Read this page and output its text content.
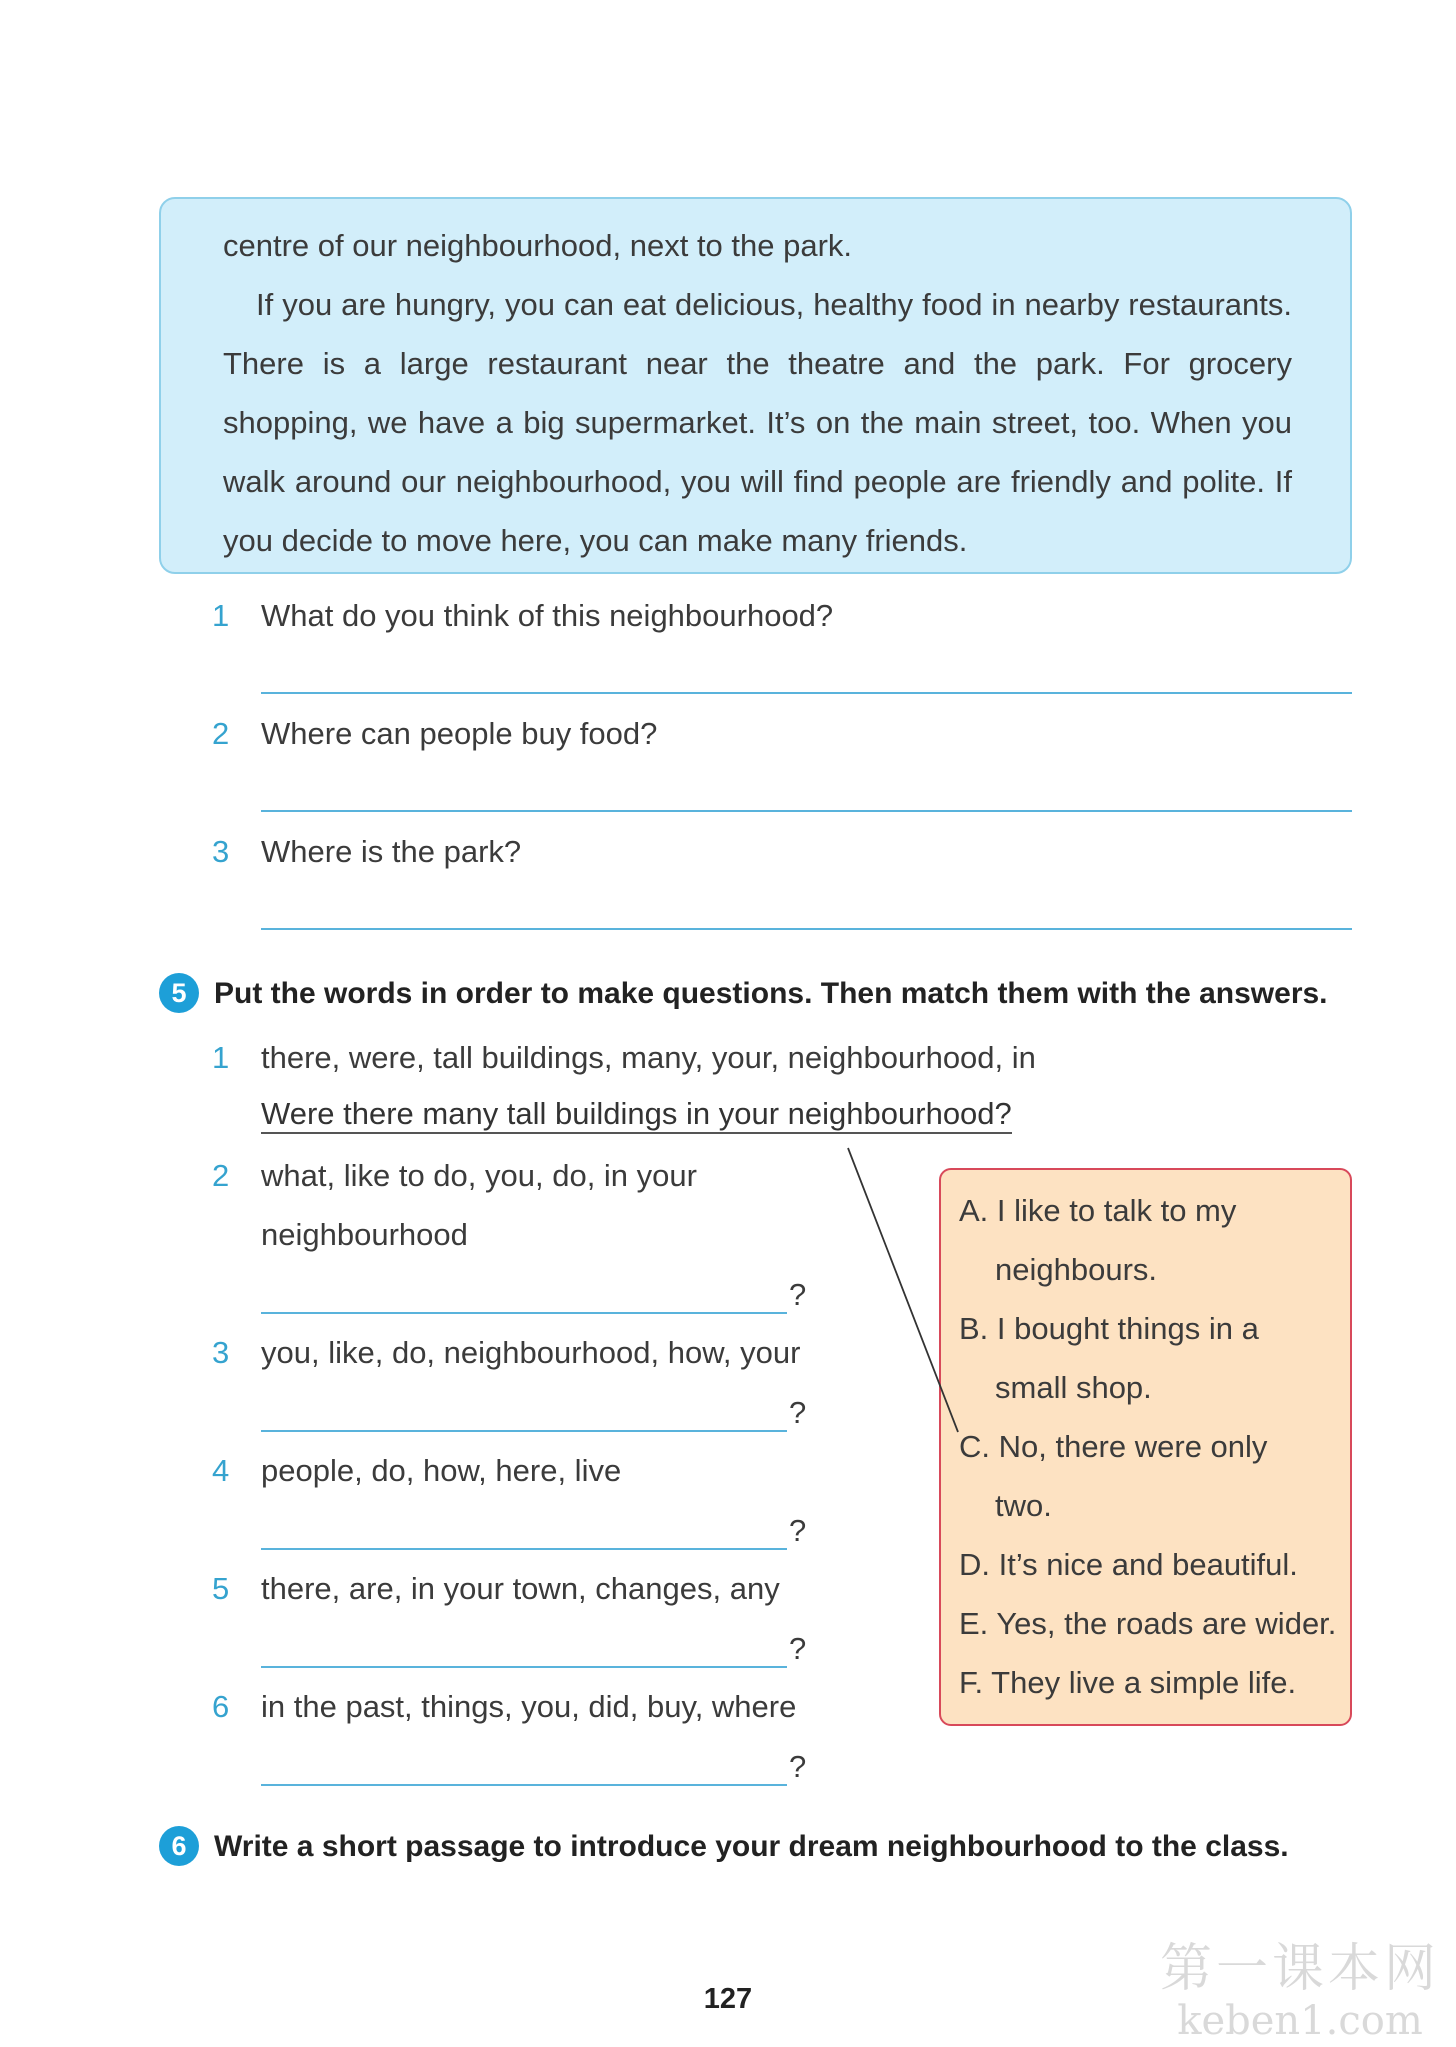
centre of our neighbourhood, next to the park.

If you are hungry, you can eat delicious, healthy food in nearby restaurants. There is a large restaurant near the theatre and the park. For grocery shopping, we have a big supermarket. It’s on the main street, too. When you walk around our neighbourhood, you will find people are friendly and polite. If you decide to move here, you can make many friends.

1 What do you think of this neighbourhood?
2 Where can people buy food?
3 Where is the park?
5 Put the words in order to make questions. Then match them with the answers.
1 there, were, tall buildings, many, your, neighbourhood, in
Were there many tall buildings in your neighbourhood?
2 what, like to do, you, do, in your
neighbourhood
?
3 you, like, do, neighbourhood, how, your
?
4 people, do, how, here, live
?
5 there, are, in your town, changes, any
?
6 in the past, things, you, did, buy, where
?
A. I like to talk to my
neighbours.
B. I bought things in a
small shop.
C. No, there were only
two.
D. It’s nice and beautiful.
E. Yes, the roads are wider.
F. They live a simple life.
6 Write a short passage to introduce your dream neighbourhood to the class.
127	第一课本网
keben1.com
